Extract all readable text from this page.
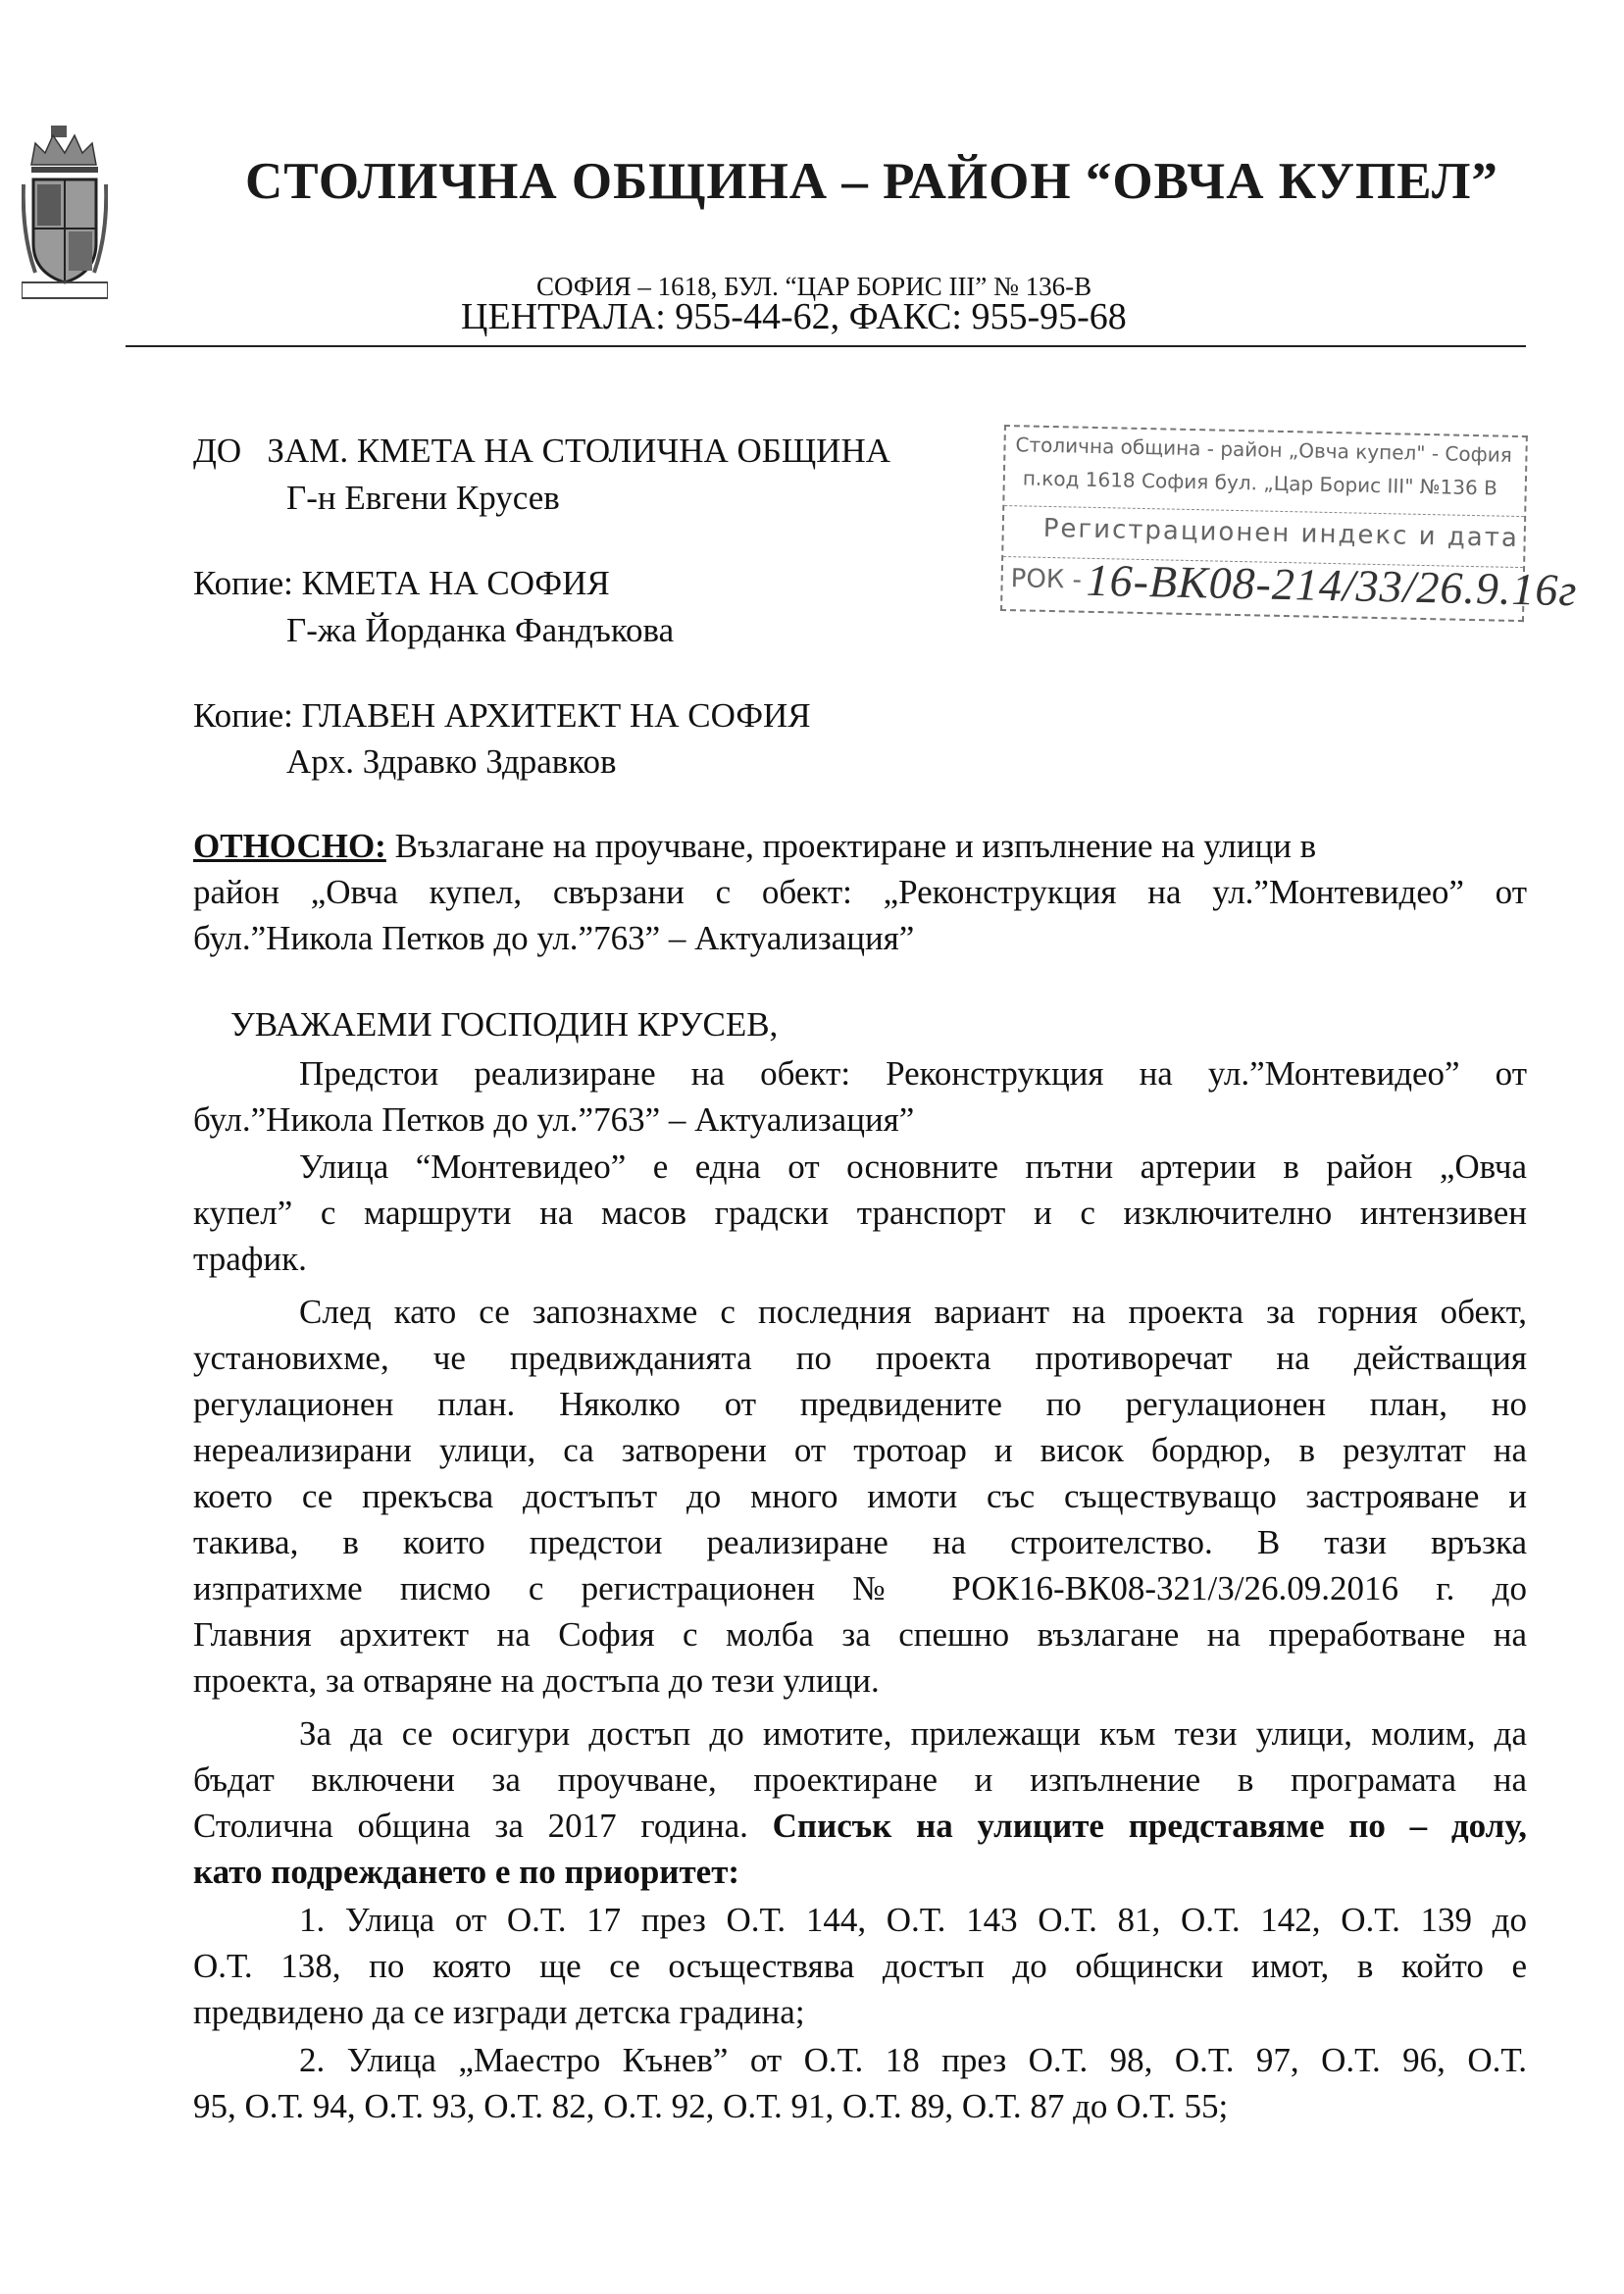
СТОЛИЧНА ОБЩИНА – РАЙОН “ОВЧА КУПЕЛ”
СОФИЯ – 1618, БУЛ. “ЦАР БОРИС III” № 136-В
ЦЕНТРАЛА: 955-44-62, ФАКС: 955-95-68
ДО ЗАМ. КМЕТА НА СТОЛИЧНА ОБЩИНА
Г-н Евгени Крусев
Копие: КМЕТА НА СОФИЯ
Г-жа Йорданка Фандъкова
Копие: ГЛАВЕН АРХИТЕКТ НА СОФИЯ
Арх. Здравко Здравков
Столична община - район „Овча купел" - София
п.код 1618 София бул. „Цар Борис III" №136 В
Регистрационен индекс и дата
РОК - 16-ВК08-214/33/26.9.16г
ОТНОСНО: Възлагане на проучване, проектиране и изпълнение на улици в
район „Овча купел, свързани с обект: „Реконструкция на ул.”Монтевидео” от
бул.”Никола Петков до ул.”763” – Актуализация”
УВАЖАЕМИ ГОСПОДИН КРУСЕВ,
Предстои реализиране на обект: Реконструкция на ул.”Монтевидео” от
бул.”Никола Петков до ул.”763” – Актуализация”
Улица “Монтевидео” е една от основните пътни артерии в район „Овча
купел” с маршрути на масов градски транспорт и с изключително интензивен
трафик.
След като се запознахме с последния вариант на проекта за горния обект,
установихме, че предвижданията по проекта противоречат на действащия
регулационен план. Няколко от предвидените по регулационен план, но
нереализирани улици, са затворени от тротоар и висок бордюр, в резултат на
което се прекъсва достъпът до много имоти със съществуващо застрояване и
такива, в които предстои реализиране на строителство. В тази връзка
изпратихме писмо с регистрационен № РОК16-ВК08-321/3/26.09.2016 г. до
Главния архитект на София с молба за спешно възлагане на преработване на
проекта, за отваряне на достъпа до тези улици.
За да се осигури достъп до имотите, прилежащи към тези улици, молим, да
бъдат включени за проучване, проектиране и изпълнение в програмата на
Столична община за 2017 година. Списък на улиците представяме по – долу,
като подреждането е по приоритет:
1. Улица от О.Т. 17 през О.Т. 144, О.Т. 143 О.Т. 81, О.Т. 142, О.Т. 139 до
О.Т. 138, по която ще се осъществява достъп до общински имот, в който е
предвидено да се изгради детска градина;
2. Улица „Маестро Кънев” от О.Т. 18 през О.Т. 98, О.Т. 97, О.Т. 96, О.Т.
95, О.Т. 94, О.Т. 93, О.Т. 82, О.Т. 92, О.Т. 91, О.Т. 89, О.Т. 87 до О.Т. 55;
